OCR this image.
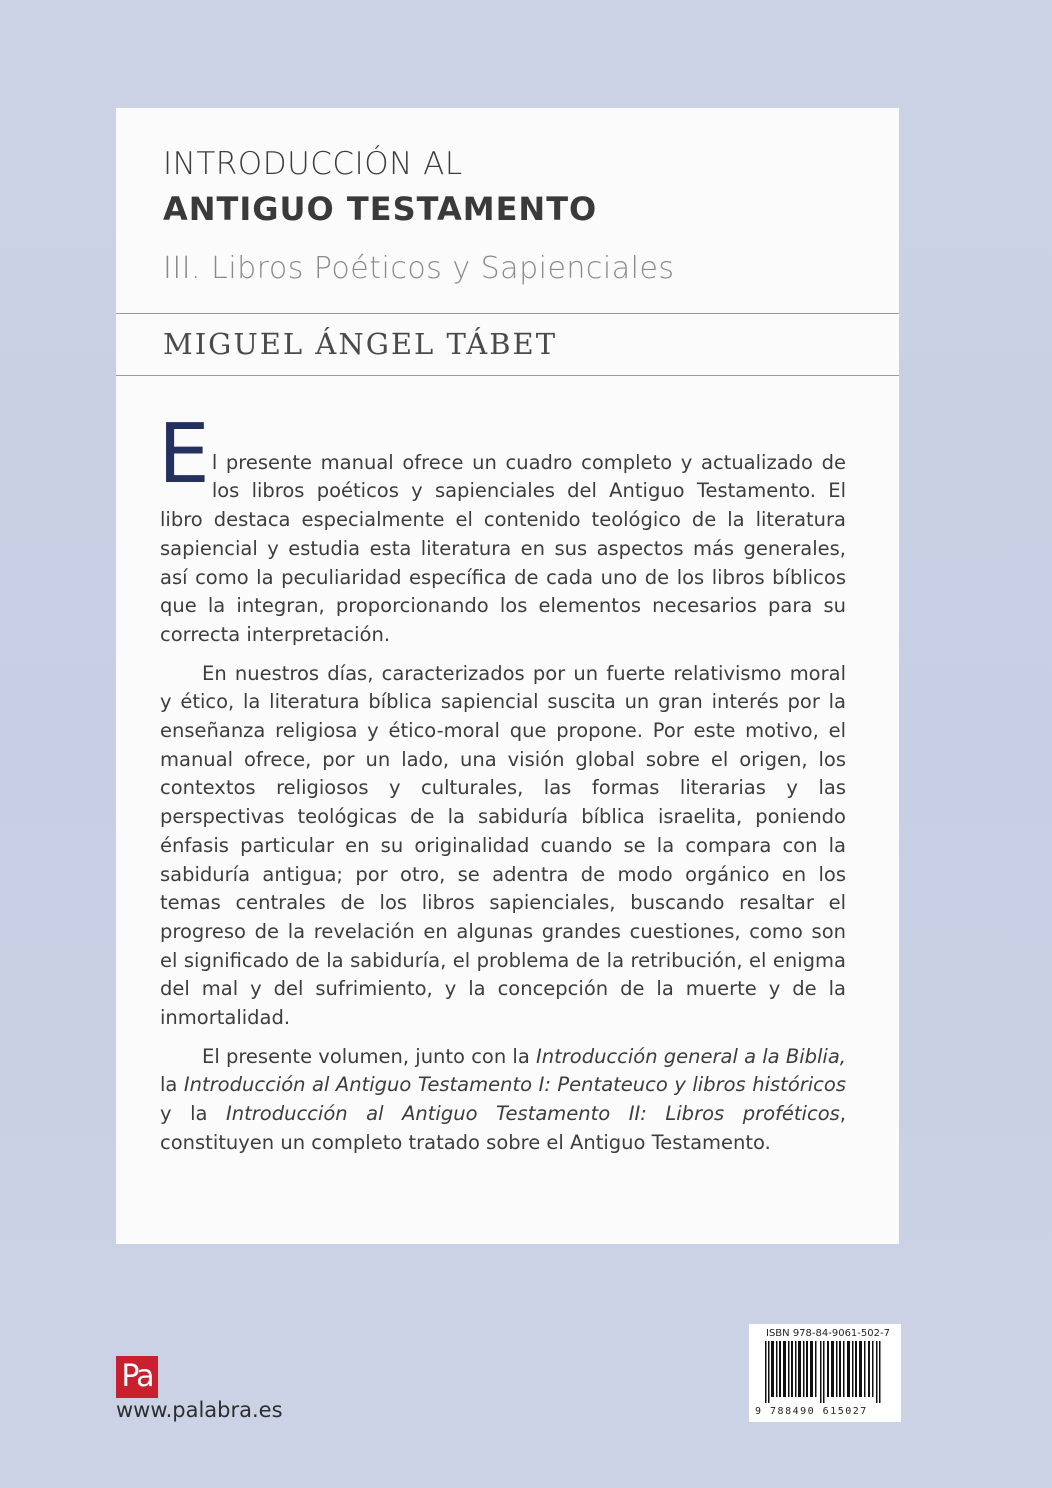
INTRODUCCIÓN AL
ANTIGUO TESTAMENTO
III. Libros Poéticos y Sapienciales
MIGUEL ÁNGEL TÁBET

El presente manual ofrece un cuadro completo y actualizado de los libros poéticos y sapienciales del Antiguo Testamento. El libro destaca especialmente el contenido teológico de la literatura sapiencial y estudia esta literatura en sus aspectos más generales, así como la peculiaridad específica de cada uno de los libros bíblicos que la integran, proporcionando los elementos necesarios para su correcta interpretación.

En nuestros días, caracterizados por un fuerte relativismo moral y ético, la literatura bíblica sapiencial suscita un gran interés por la enseñanza religiosa y ético-moral que propone. Por este motivo, el manual ofrece, por un lado, una visión global sobre el origen, los contextos religiosos y culturales, las formas literarias y las perspectivas teológicas de la sabiduría bíblica israelita, poniendo énfasis particular en su originalidad cuando se la compara con la sabiduría antigua; por otro, se adentra de modo orgánico en los temas centrales de los libros sapienciales, buscando resaltar el progreso de la revelación en algunas grandes cuestiones, como son el significado de la sabiduría, el problema de la retribución, el enigma del mal y del sufrimiento, y la concepción de la muerte y de la inmortalidad.

El presente volumen, junto con la Introducción general a la Biblia, la Introducción al Antiguo Testamento I: Pentateuco y libros históricos y la Introducción al Antiguo Testamento II: Libros proféticos, constituyen un completo tratado sobre el Antiguo Testamento.

Pa
www.palabra.es
ISBN 978-84-9061-502-7
9 788490 615027
